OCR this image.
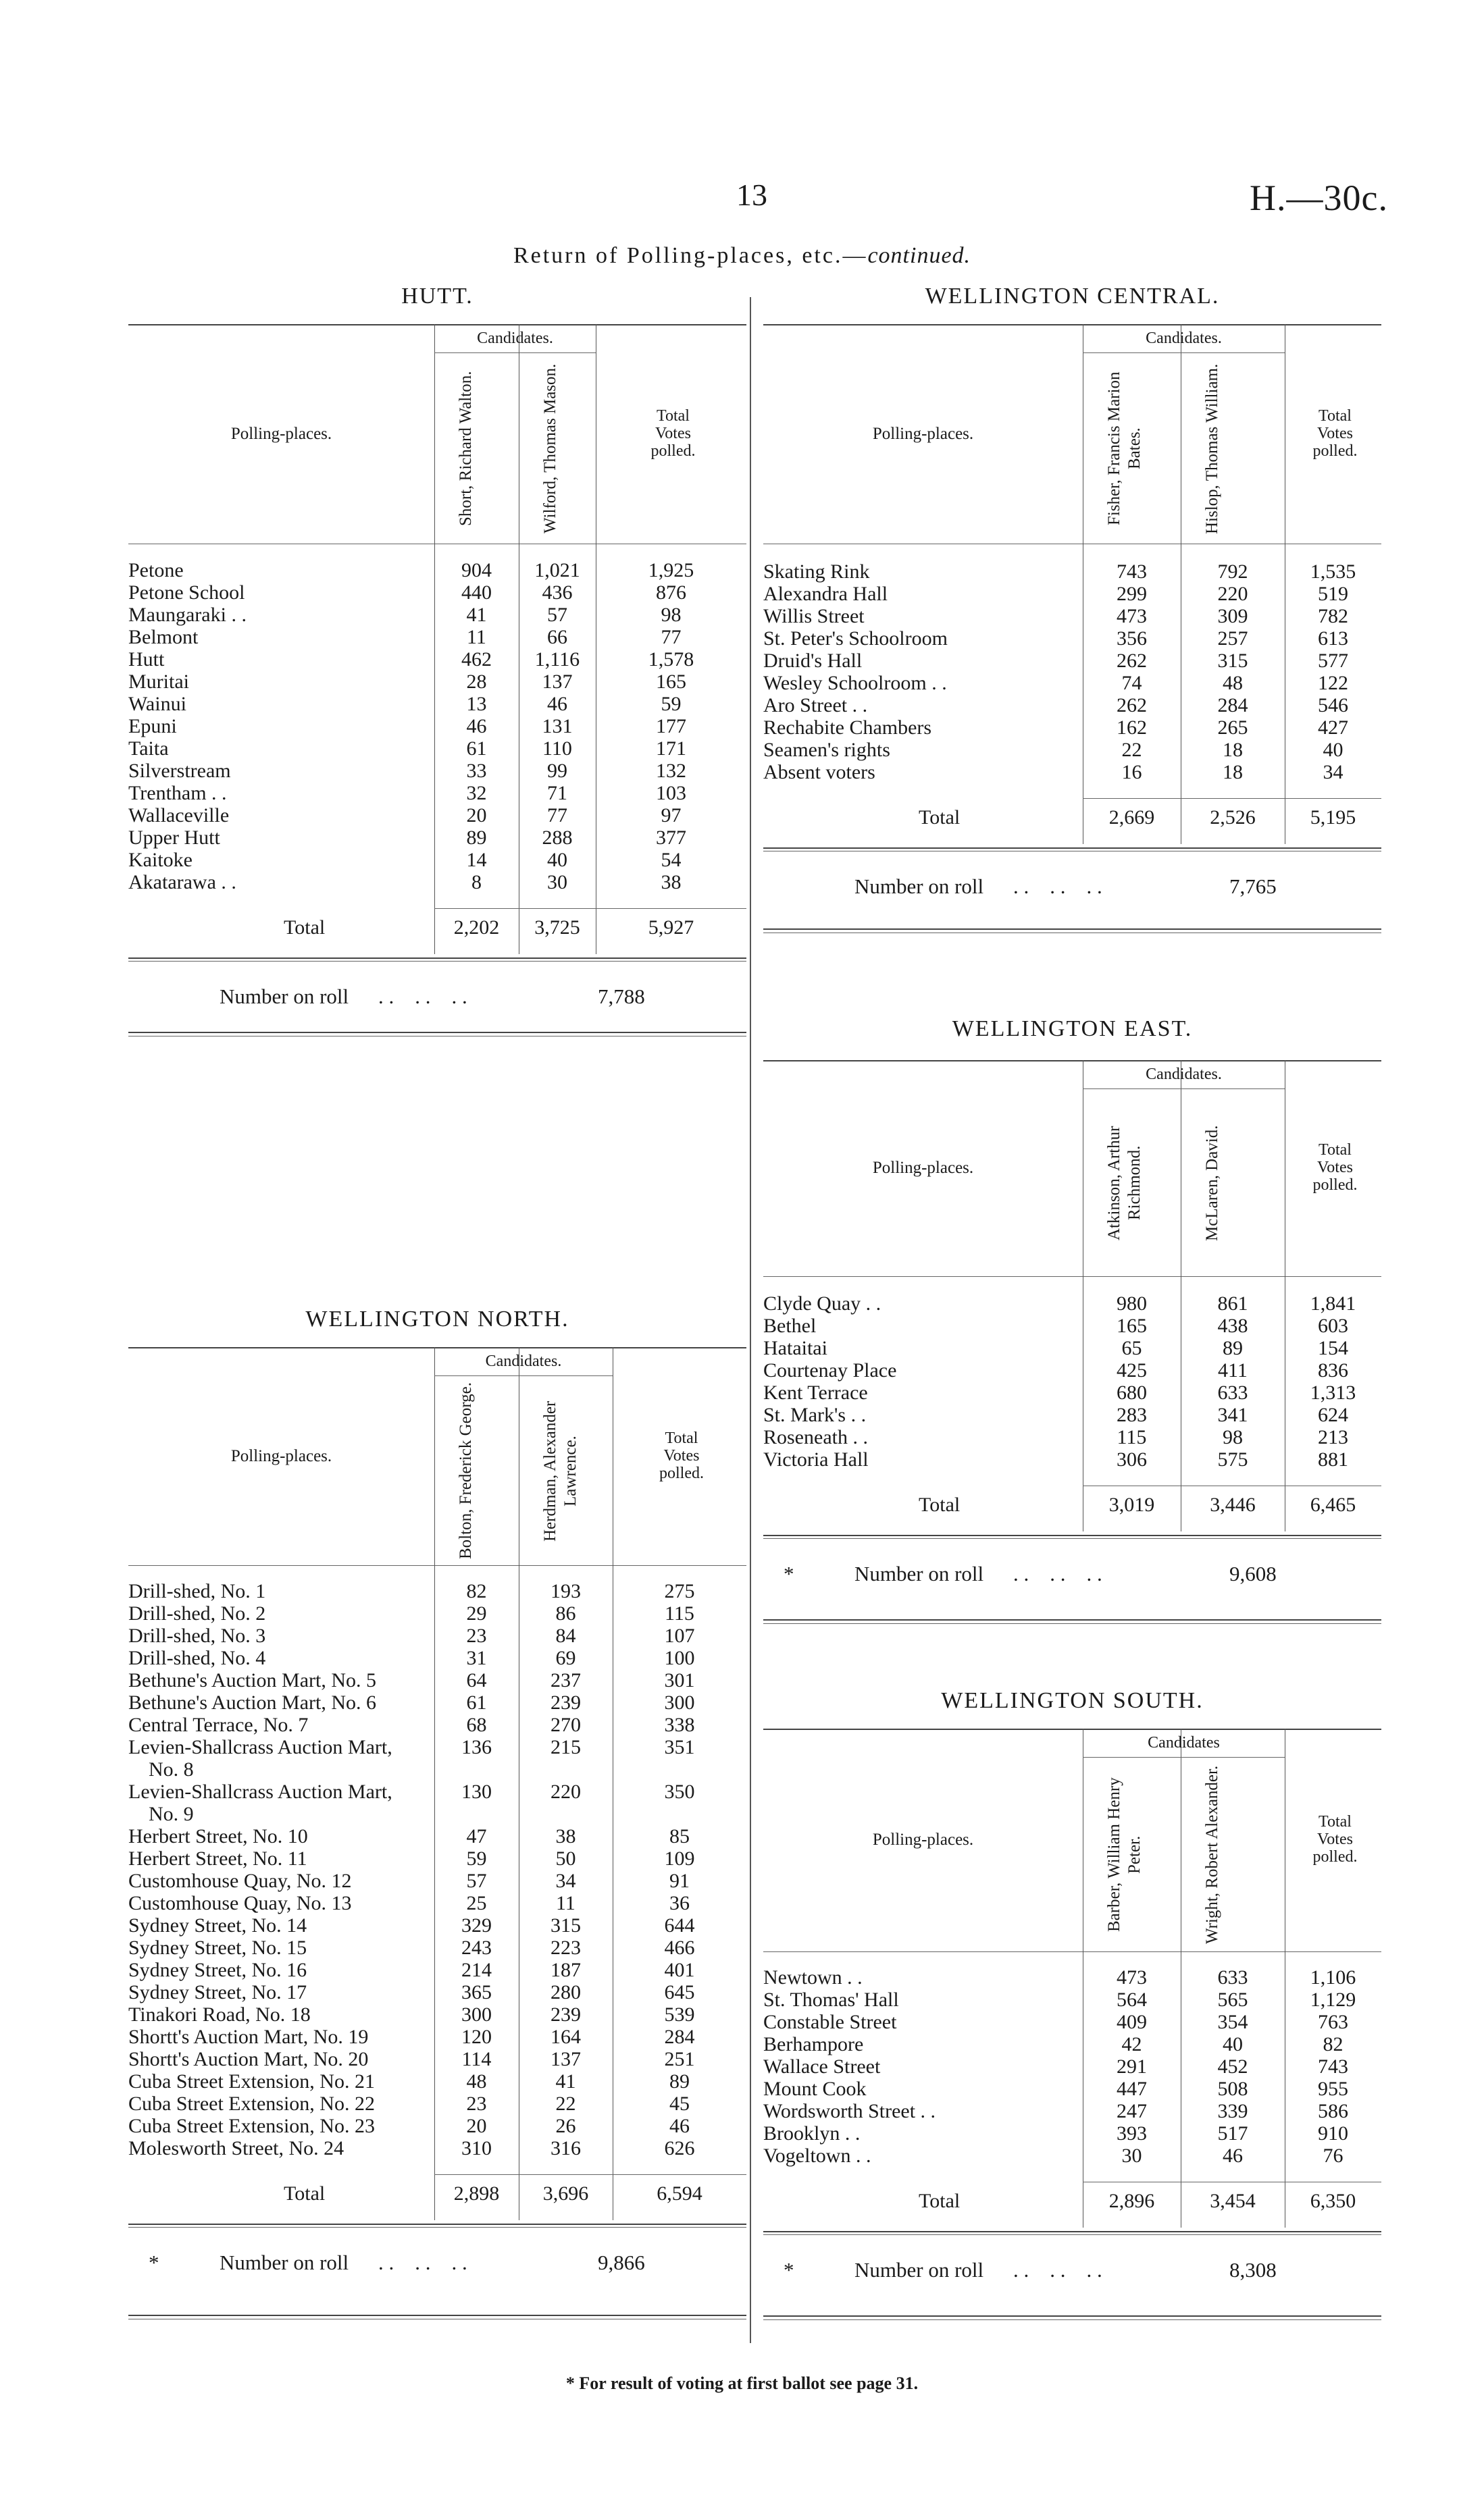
13	H.—30c.
Return of Polling-places, etc.—continued.
HUTT.
Candidates.
Polling-places.	Short, Richard Walton.	Wilford, Thomas Mason.	Total
Votes
polled.
Petone	904	1,021	1,925
Petone School	440	436	876
Maungaraki . .	41	57	98
Belmont	11	66	77
Hutt	462	1,116	1,578
Muritai	28	137	165
Wainui	13	46	59
Epuni	46	131	177
Taita	61	110	171
Silverstream	33	99	132
Trentham . .	32	71	103
Wallaceville	20	77	97
Upper Hutt	89	288	377
Kaitoke	14	40	54
Akatarawa . .	8	30	38
Total	2,202	3,725	5,927
Number on roll . .    . .    . .	7,788
WELLINGTON CENTRAL.
Candidates.
Polling-places.	Fisher, Francis Marion Bates.	Hislop, Thomas William.	Total
Votes
polled.
Skating Rink	743	792	1,535
Alexandra Hall	299	220	519
Willis Street	473	309	782
St. Peter's Schoolroom	356	257	613
Druid's Hall	262	315	577
Wesley Schoolroom . .	74	48	122
Aro Street . .	262	284	546
Rechabite Chambers	162	265	427
Seamen's rights	22	18	40
Absent voters	16	18	34
Total	2,669	2,526	5,195
Number on roll . .    . .    . .	7,765
WELLINGTON EAST.
Candidates.
Polling-places.	Atkinson, Arthur Richmond.	McLaren, David.	Total
Votes
polled.
Clyde Quay . .	980	861	1,841
Bethel	165	438	603
Hataitai	65	89	154
Courtenay Place	425	411	836
Kent Terrace	680	633	1,313
St. Mark's . .	283	341	624
Roseneath . .	115	98	213
Victoria Hall	306	575	881
Total	3,019	3,446	6,465
*	Number on roll . .    . .    . .	9,608
WELLINGTON NORTH.
Candidates.
Polling-places.	Bolton, Frederick George.	Herdman, Alexander Lawrence.	Total
Votes
polled.
Drill-shed, No. 1	82	193	275
Drill-shed, No. 2	29	86	115
Drill-shed, No. 3	23	84	107
Drill-shed, No. 4	31	69	100
Bethune's Auction Mart, No. 5	64	237	301
Bethune's Auction Mart, No. 6	61	239	300
Central Terrace, No. 7	68	270	338
Levien-Shallcrass Auction Mart,
No. 8
136	215	351
Levien-Shallcrass Auction Mart,
No. 9
130	220	350
Herbert Street, No. 10	47	38	85
Herbert Street, No. 11	59	50	109
Customhouse Quay, No. 12	57	34	91
Customhouse Quay, No. 13	25	11	36
Sydney Street, No. 14	329	315	644
Sydney Street, No. 15	243	223	466
Sydney Street, No. 16	214	187	401
Sydney Street, No. 17	365	280	645
Tinakori Road, No. 18	300	239	539
Shortt's Auction Mart, No. 19	120	164	284
Shortt's Auction Mart, No. 20	114	137	251
Cuba Street Extension, No. 21	48	41	89
Cuba Street Extension, No. 22	23	22	45
Cuba Street Extension, No. 23	20	26	46
Molesworth Street, No. 24	310	316	626
Total	2,898	3,696	6,594
*	Number on roll . .    . .    . .	9,866
WELLINGTON SOUTH.
Candidates
Polling-places.	Barber, William Henry Peter.	Wright, Robert Alexander.	Total
Votes
polled.
Newtown . .	473	633	1,106
St. Thomas' Hall	564	565	1,129
Constable Street	409	354	763
Berhampore	42	40	82
Wallace Street	291	452	743
Mount Cook	447	508	955
Wordsworth Street . .	247	339	586
Brooklyn . .	393	517	910
Vogeltown . .	30	46	76
Total	2,896	3,454	6,350
*	Number on roll . .    . .    . .	8,308
* For result of voting at first ballot see page 31.
